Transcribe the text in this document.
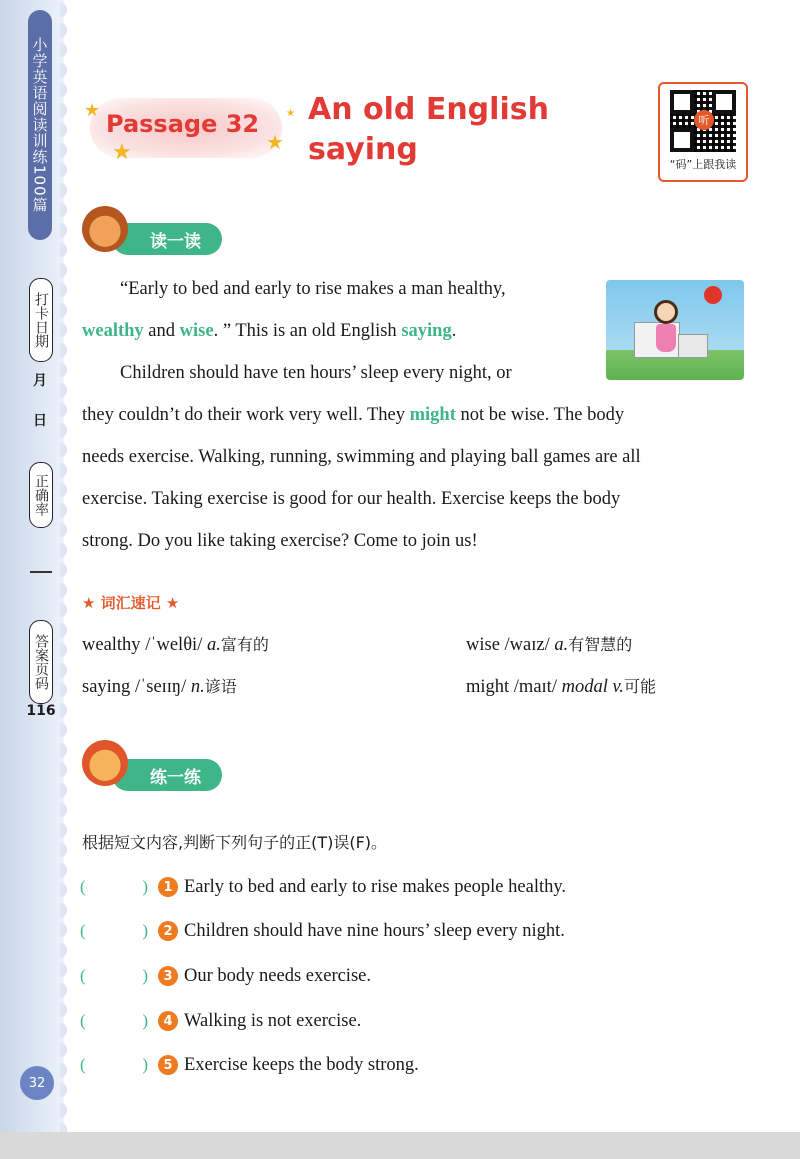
小学英语阅读训练100篇
打卡日期
月
日
正确率
答案页码
116
32
★
★	★
★
Passage 32 An old English
saying
听
“码”上跟我读
读一读
“Early to bed and early to rise makes a man healthy,
wealthy and wise. ” This is an old English saying.
Children should have ten hours’ sleep every night, or
they couldn’t do their work very well. They might not be wise. The body
needs exercise. Walking, running, swimming and playing ball games are all
exercise. Taking exercise is good for our health. Exercise keeps the body
strong. Do you like taking exercise? Come to join us!
★ 词汇速记 ★
wealthy /ˈwelθi/ a.富有的	wise /waɪz/ a.有智慧的
saying /ˈseɪɪŋ/ n.谚语	might /maɪt/ modal v.可能
练一练
根据短文内容,判断下列句子的正(T)误(F)。
(	)	1 Early to bed and early to rise makes people healthy.
(	)	2 Children should have nine hours’ sleep every night.
(	)	3 Our body needs exercise.
(	)	4 Walking is not exercise.
(	)	5 Exercise keeps the body strong.
